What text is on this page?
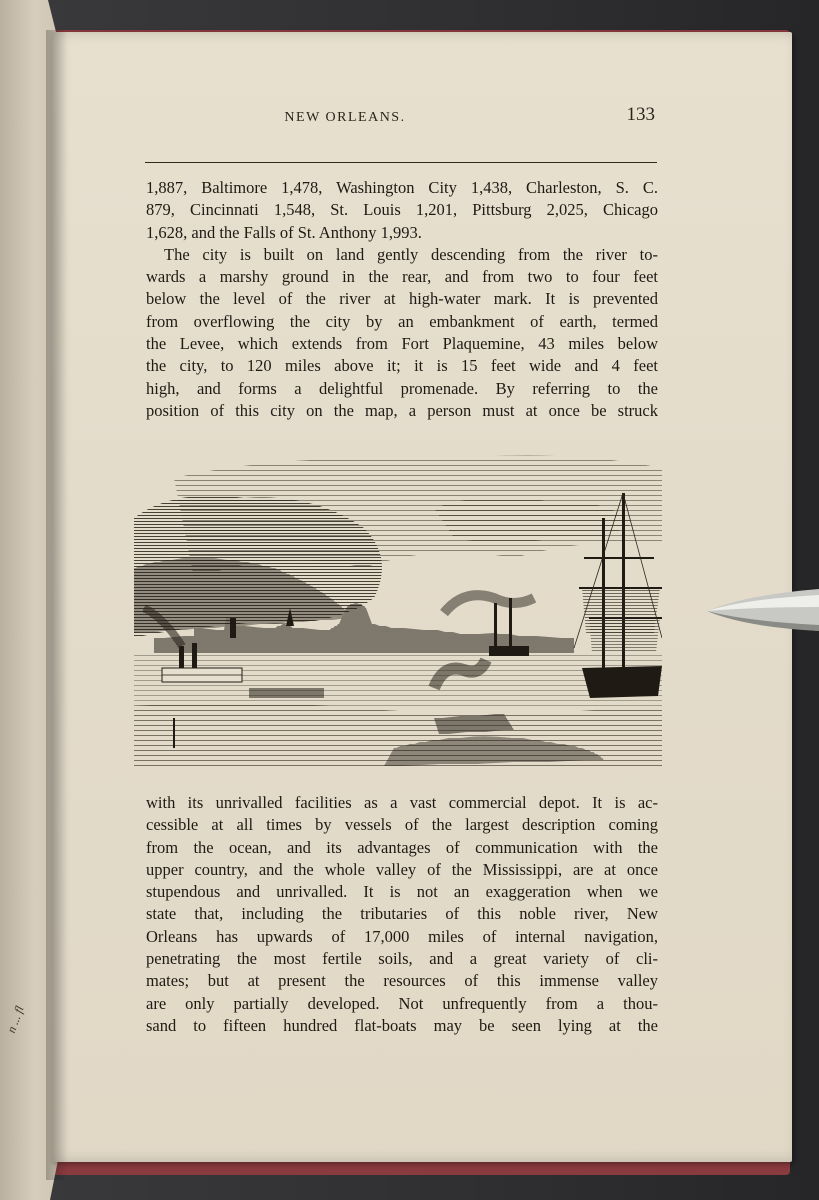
n ... fl
NEW ORLEANS.	133
1,887, Baltimore 1,478, Washington City 1,438, Charleston, S. C.
879, Cincinnati 1,548, St. Louis 1,201, Pittsburg 2,025, Chicago
1,628, and the Falls of St. Anthony 1,993.
The city is built on land gently descending from the river to-
wards a marshy ground in the rear, and from two to four feet
below the level of the river at high-water mark. It is prevented
from overflowing the city by an embankment of earth, termed
the Levee, which extends from Fort Plaquemine, 43 miles below
the city, to 120 miles above it; it is 15 feet wide and 4 feet
high, and forms a delightful promenade. By referring to the
position of this city on the map, a person must at once be struck
with its unrivalled facilities as a vast commercial depot. It is ac-
cessible at all times by vessels of the largest description coming
from the ocean, and its advantages of communication with the
upper country, and the whole valley of the Mississippi, are at once
stupendous and unrivalled. It is not an exaggeration when we
state that, including the tributaries of this noble river, New
Orleans has upwards of 17,000 miles of internal navigation,
penetrating the most fertile soils, and a great variety of cli-
mates; but at present the resources of this immense valley
are only partially developed. Not unfrequently from a thou-
sand to fifteen hundred flat-boats may be seen lying at the
